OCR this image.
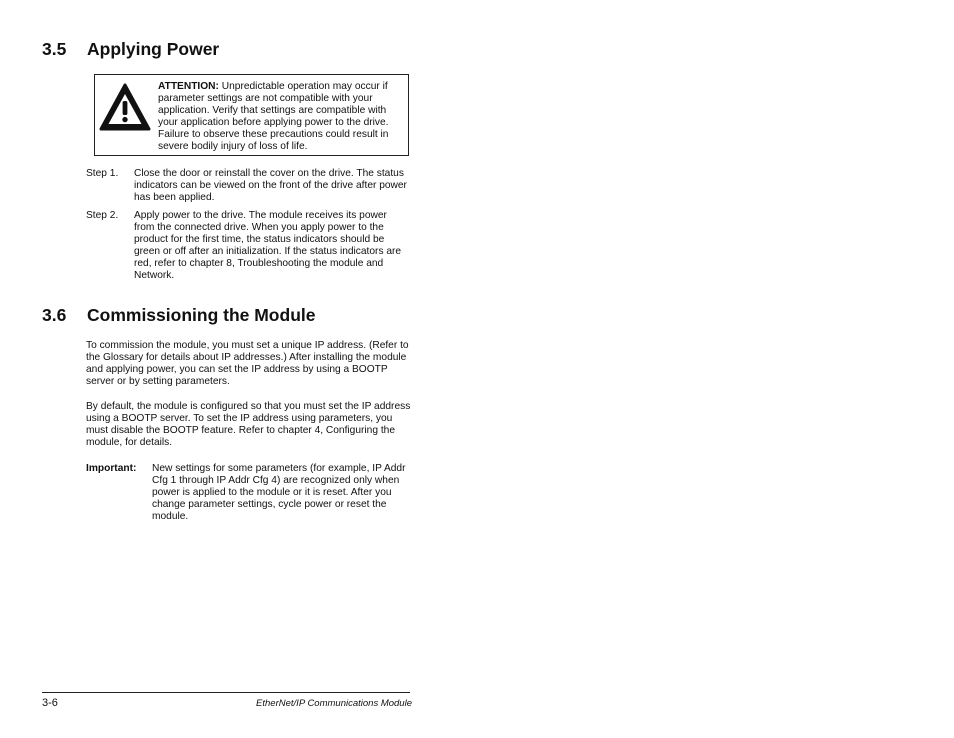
3.5 Applying Power
ATTENTION: Unpredictable operation may occur if parameter settings are not compatible with your application. Verify that settings are compatible with your application before applying power to the drive. Failure to observe these precautions could result in severe bodily injury of loss of life.
Step 1. Close the door or reinstall the cover on the drive. The status indicators can be viewed on the front of the drive after power has been applied.
Step 2. Apply power to the drive. The module receives its power from the connected drive. When you apply power to the product for the first time, the status indicators should be green or off after an initialization. If the status indicators are red, refer to chapter 8, Troubleshooting the module and Network.
3.6 Commissioning the Module

To commission the module, you must set a unique IP address. (Refer to the Glossary for details about IP addresses.) After installing the module and applying power, you can set the IP address by using a BOOTP server or by setting parameters.

By default, the module is configured so that you must set the IP address using a BOOTP server. To set the IP address using parameters, you must disable the BOOTP feature. Refer to chapter 4, Configuring the module, for details.

Important: New settings for some parameters (for example, IP Addr Cfg 1 through IP Addr Cfg 4) are recognized only when power is applied to the module or it is reset. After you change parameter settings, cycle power or reset the module.
3-6	EtherNet/IP Communications Module
